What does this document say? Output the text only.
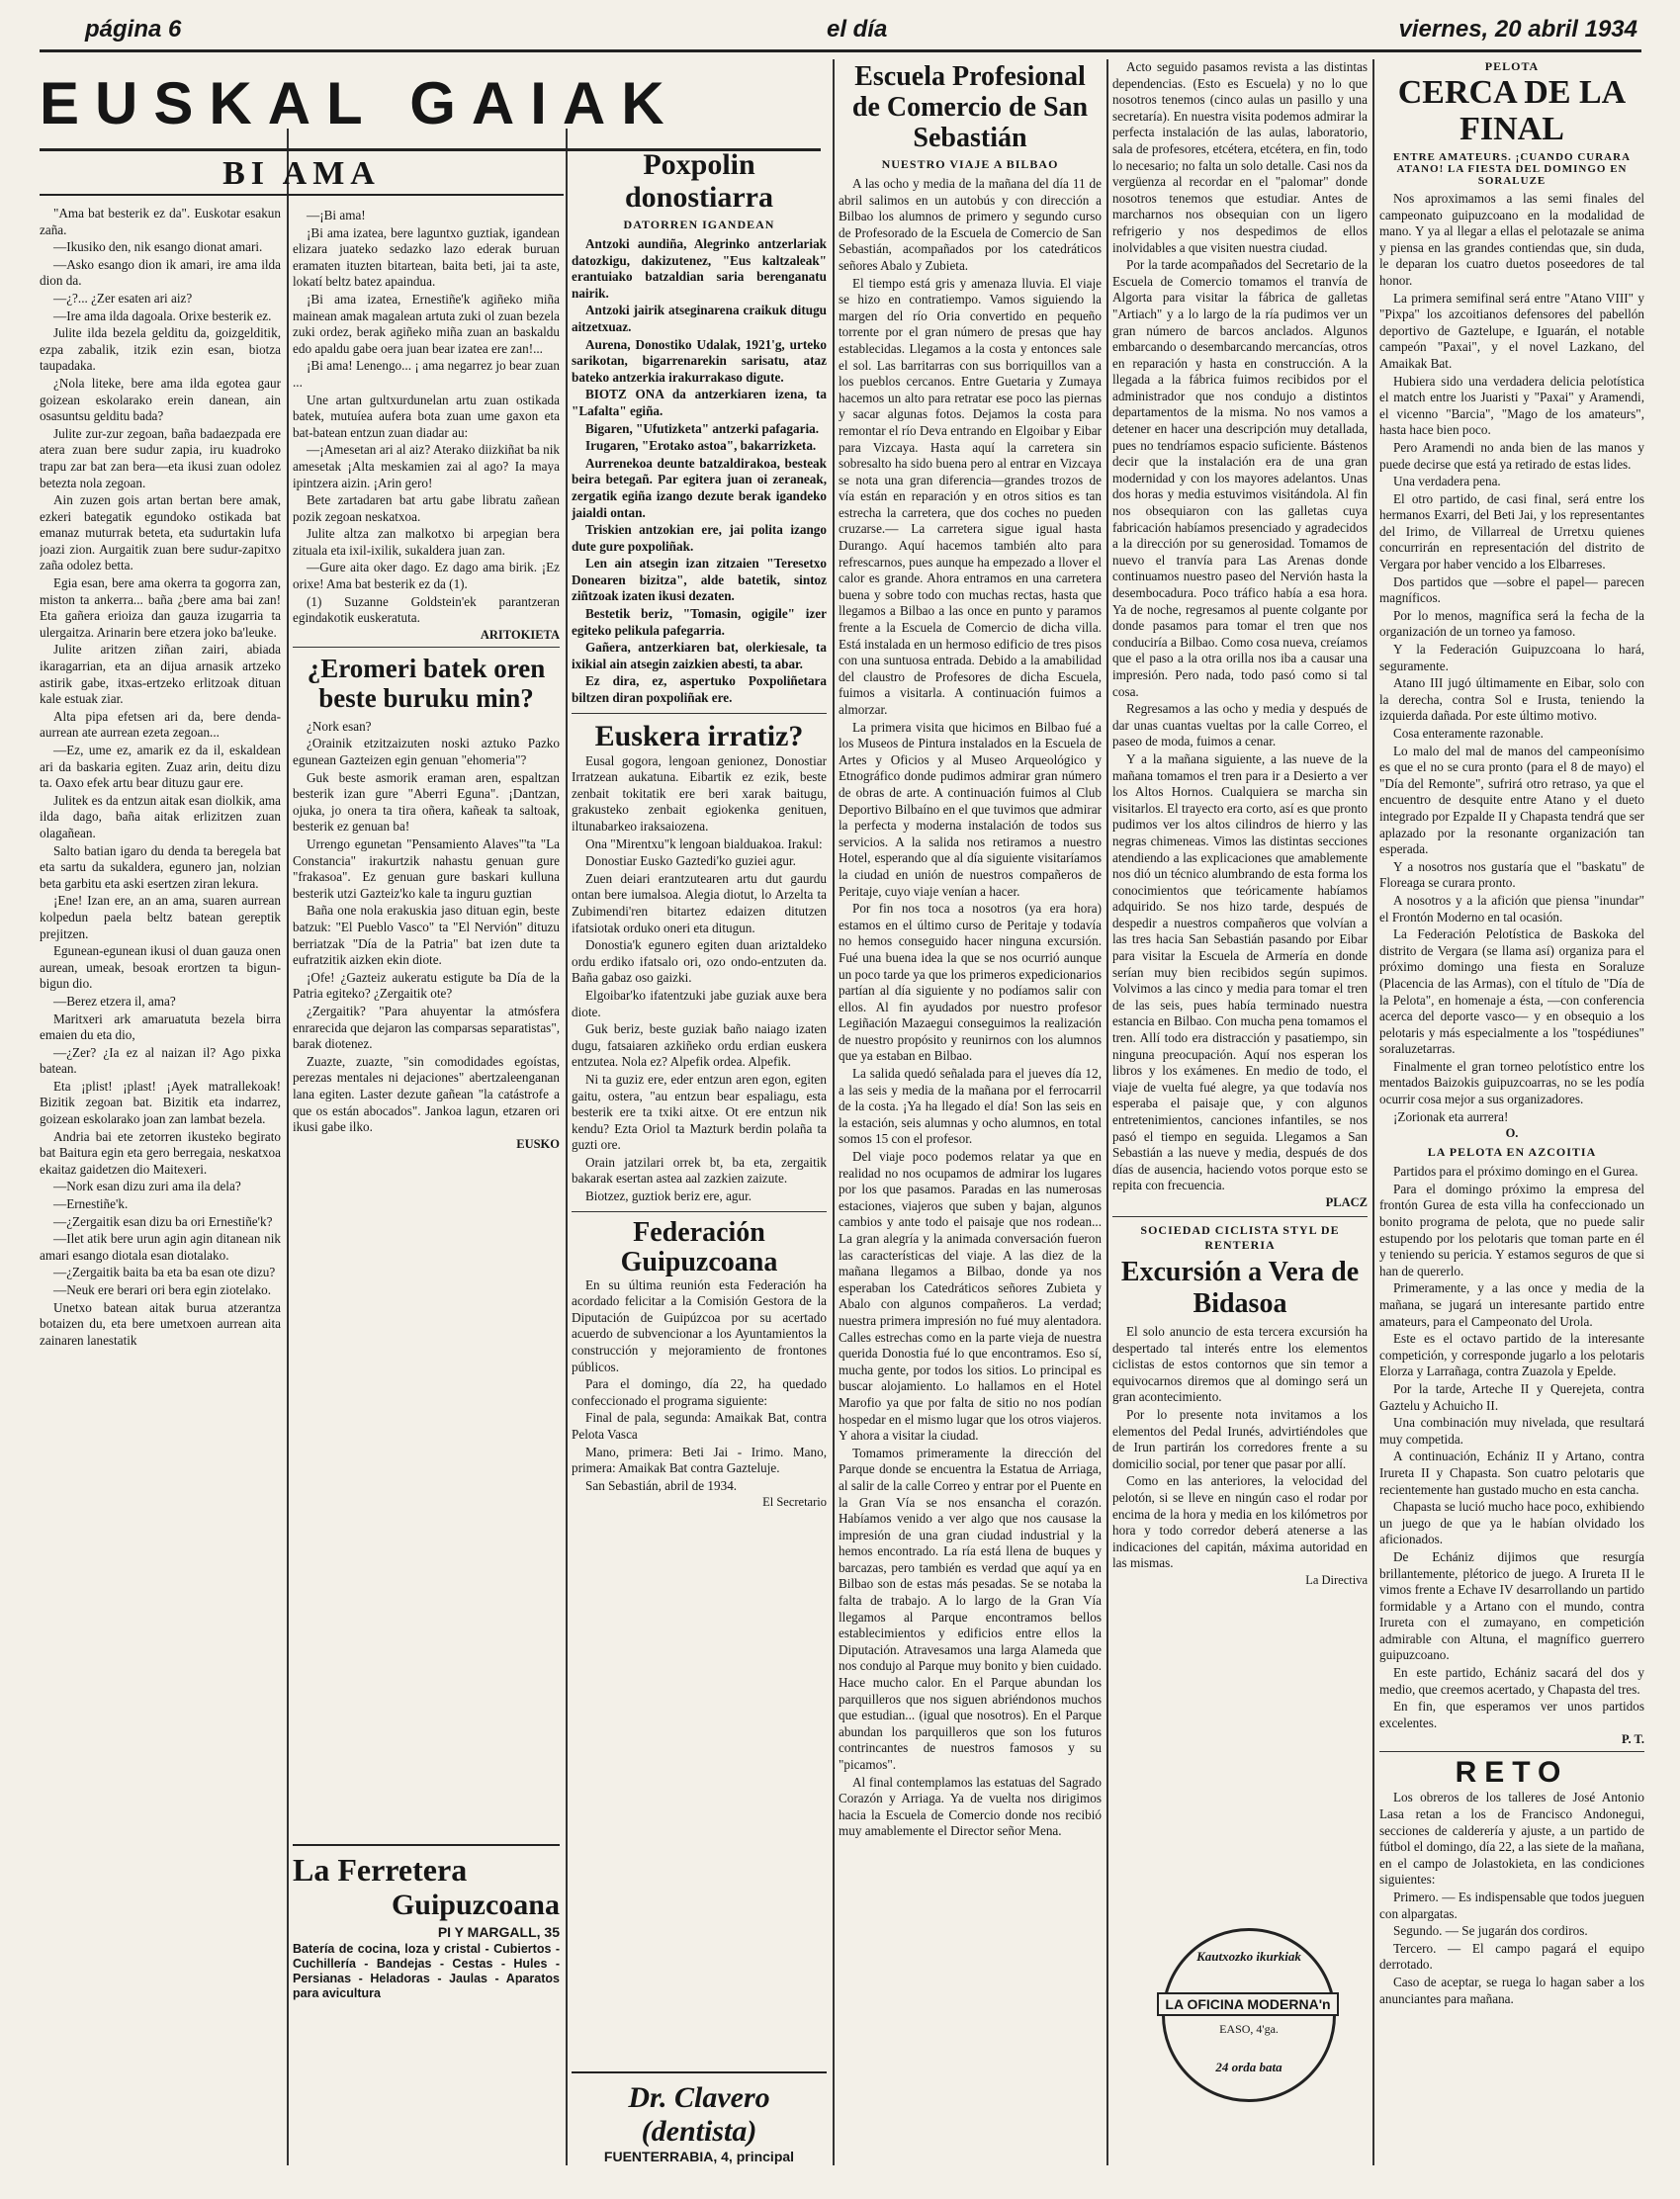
página 6	el día	viernes, 20 abril 1934
EUSKAL GAIAK
BI AMA

"Ama bat besterik ez da". Euskotar esakun zaña.

—Ikusiko den, nik esango dionat amari.

—Asko esango dion ik amari, ire ama ilda dion da.

—¿?... ¿Zer esaten ari aiz?

—Ire ama ilda dagoala. Orixe besterik ez.

Julite ilda bezela gelditu da, goizgelditik, ezpa zabalik, itzik ezin esan, biotza taupadaka.

¿Nola liteke, bere ama ilda egotea gaur goizean eskolarako erein danean, ain osasuntsu gelditu bada?

Julite zur-zur zegoan, baña badaezpada ere atera zuan bere sudur zapia, iru kuadroko trapu zar bat zan bera—eta ikusi zuan odolez betezta nola zegoan.

Ain zuzen gois artan bertan bere amak, ezkeri bategatik egundoko ostikada bat emanaz muturrak beteta, eta sudurtakin lufa joazi zion. Aurgaitik zuan bere sudur-zapitxo zaña odolez betta.

Egia esan, bere ama okerra ta gogorra zan, miston ta ankerra... baña ¿bere ama bai zan! Eta gañera erioiza dan gauza izugarria ta ulergaitza. Arinarin bere etzera joko ba'leuke.

Julite aritzen ziñan zairi, abiada ikaragarrian, eta an dijua arnasik artzeko astirik gabe, itxas-ertzeko erlitzoak dituan kale estuak ziar.

Alta pipa efetsen ari da, bere denda-aurrean ate aurrean ezeta zegoan...

—Ez, ume ez, amarik ez da il, eskaldean ari da baskaria egiten. Zuaz arin, deitu dizu ta. Oaxo efek artu bear dituzu gaur ere.

Julitek es da entzun aitak esan diolkik, ama ilda dago, baña aitak erlizitzen zuan olagañean.

Salto batian igaro du denda ta beregela bat eta sartu da sukaldera, egunero jan, nolzian beta garbitu eta aski esertzen ziran lekura.

¡Ene! Izan ere, an an ama, suaren aurrean kolpedun paela beltz batean gereptik prejitzen.

Egunean-egunean ikusi ol duan gauza onen aurean, umeak, besoak erortzen ta bigun-bigun dio.

—Berez etzera il, ama?

Maritxeri ark amaruatuta bezela birra emaien du eta dio,

—¿Zer? ¿Ia ez al naizan il? Ago pixka batean.

Eta ¡plist! ¡plast! ¡Ayek matrallekoak! Bizitik zegoan bat. Bizitik eta indarrez, goizean eskolarako joan zan lambat bezela.

Andria bai ete zetorren ikusteko begirato bat Baitura egin eta gero berregaia, neskatxoa ekaitaz gaidetzen dio Maitexeri.

—Nork esan dizu zuri ama ila dela?

—Ernestiñe'k.

—¿Zergaitik esan dizu ba ori Ernestiñe'k?

—Ilet atik bere urun agin agin ditanean nik amari esango diotala esan diotalako.

—¿Zergaitik baita ba eta ba esan ote dizu?

—Neuk ere berari ori bera egin ziotelako.

Unetxo batean aitak burua atzerantza botaizen du, eta bere umetxoen aurrean aita zainaren lanestatik

—¡Bi ama!

¡Bi ama izatea, bere laguntxo guztiak, igandean elizara juateko sedazko lazo ederak buruan eramaten ituzten bitartean, baita beti, jai ta aste, lokatí beltz batez apaindua.

¡Bi ama izatea, Ernestiñe'k agiñeko miña mainean amak magalean artuta zuki ol zuan bezela zuki ordez, berak agiñeko miña zuan an baskaldu edo apaldu gabe oera juan bear izatea ere zan!...

¡Bi ama! Lenengo... ¡ ama negarrez jo bear zuan ...

Une artan gultxurdunelan artu zuan ostikada batek, mutuíea aufera bota zuan ume gaxon eta bat-batean entzun zuan diadar au:

—¡Amesetan ari al aiz? Aterako diizkiñat ba nik amesetak ¡Alta meskamien zai al ago? Ia maya ipintzera aizin. ¡Arin gero!

Bete zartadaren bat artu gabe libratu zañean pozik zegoan neskatxoa.

Julite altza zan malkotxo bi arpegian bera zituala eta ixil-ixilik, sukaldera juan zan.

—Gure aita oker dago. Ez dago ama birik. ¡Ez orixe! Ama bat besterik ez da (1).

(1) Suzanne Goldstein'ek parantzeran egindakotik euskeratuta.

ARITOKIETA
¿Eromeri batek oren beste buruku min?

¿Nork esan?

¿Orainik etzitzaizuten noski aztuko Pazko egunean Gazteizen egin genuan "ehomeria"?

Guk beste asmorik eraman aren, espaltzan besterik izan gure "Aberri Eguna". ¡Dantzan, ojuka, jo onera ta tira oñera, kañeak ta saltoak, besterik ez genuan ba!

Urrengo egunetan "Pensamiento Alaves"'ta "La Constancia" irakurtzik nahastu genuan gure "frakasoa". Ez genuan gure baskari kulluna besterik utzi Gazteiz'ko kale ta inguru guztian

Baña one nola erakuskia jaso dituan egin, beste batzuk: "El Pueblo Vasco" ta "El Nervión" dituzu berriatzak "Día de la Patria" bat izen dute ta eufratzitik aizken ekin diote.

¡Ofe! ¿Gazteiz aukeratu estigute ba Día de la Patria egiteko? ¿Zergaitik ote?

¿Zergaitik? "Para ahuyentar la atmósfera enrarecida que dejaron las comparsas separatistas", barak diotenez.

Zuazte, zuazte, "sin comodidades egoístas, perezas mentales ni dejaciones" abertzaleenganan lana egiten. Laster dezute gañean "la catástrofe a que os están abocados". Jankoa lagun, etzaren ori ikusi gabe ilko.

EUSKO
La Ferretera
Guipuzcoana
PI Y MARGALL, 35
Batería de cocina, loza y cristal - Cubiertos - Cuchillería - Bandejas - Cestas - Hules - Persianas - Heladoras - Jaulas - Aparatos para avicultura
Poxpolin donostiarra
DATORREN IGANDEAN

Antzoki aundiña, Alegrinko antzerlariak datozkigu, dakizutenez, "Eus kaltzaleak" erantuiako batzaldian saria berenganatu nairik.

Antzoki jairik atseginarena craikuk ditugu aitzetxuaz.

Aurena, Donostiko Udalak, 1921'g, urteko sarikotan, bigarrenarekin sarisatu, ataz bateko antzerkia irakurrakaso digute.

BIOTZ ONA da antzerkiaren izena, ta "Lafalta" egiña.

Bigaren, "Ufutizketa" antzerki pafagaria.

Irugaren, "Erotako astoa", bakarrizketa.

Aurrenekoa deunte batzaldirakoa, besteak beira betegañ. Par egitera juan oi zeraneak, zergatik egiña izango dezute berak igandeko jaialdi ontan.

Triskien antzokian ere, jai polita izango dute gure poxpoliñak.

Len ain atsegin izan zitzaien "Teresetxo Donearen bizitza", alde batetik, sintoz ziñtzoak izaten ikusi dezaten.

Bestetik beriz, "Tomasin, ogigile" izer egiteko pelikula pafegarria.

Gañera, antzerkiaren bat, olerkiesale, ta ixikial ain atsegin zaizkien abesti, ta abar.

Ez dira, ez, aspertuko Poxpoliñetara biltzen diran poxpoliñak ere.

Euskera irratiz?

Eusal gogora, lengoan genionez, Donostiar Irratzean aukatuna. Eibartik ez ezik, beste zenbait tokitatik ere beri xarak baitugu, grakusteko zenbait egiokenka genituen, iltunabarkeo iraksaiozena.

Ona "Mirentxu"k lengoan bialduakoa. Irakul:

Donostiar Eusko Gaztedi'ko guziei agur.

Zuen deiari erantzutearen artu dut gaurdu ontan bere iumalsoa. Alegia diotut, lo Arzelta ta Zubimendi'ren bitartez edaizen ditutzen ifatsiotak orduko oneri eta ditugun.

Donostia'k egunero egiten duan ariztaldeko ordu erdiko ifatsalo ori, ozo ondo-entzuten da. Baña gabaz oso gaizki.

Elgoibar'ko ifatentzuki jabe guziak auxe bera diote.

Guk beriz, beste guziak baño naiago izaten dugu, fatsaiaren azkiñeko ordu erdian euskera entzutea. Nola ez? Alpefik ordea. Alpefik.

Ni ta guziz ere, eder entzun aren egon, egiten gaitu, ostera, "au entzun bear espaliagu, esta besterik ere ta txiki aitxe. Ot ere entzun nik kendu? Ezta Oriol ta Mazturk berdin polaña ta guzti ore.

Orain jatzilari orrek bt, ba eta, zergaitik bakarak esertan astea aal zazkien zaizute.

Biotzez, guztiok beriz ere, agur.

Federación Guipuzcoana

En su última reunión esta Federación ha acordado felicitar a la Comisión Gestora de la Diputación de Guipúzcoa por su acertado acuerdo de subvencionar a los Ayuntamientos la construcción y mejoramiento de frontones públicos.

Para el domingo, día 22, ha quedado confeccionado el programa siguiente:

Final de pala, segunda: Amaikak Bat, contra Pelota Vasca

Mano, primera: Beti Jai - Irimo. Mano, primera: Amaikak Bat contra Gazteluje.

San Sebastián, abril de 1934.

El Secretario
Dr. Clavero (dentista)
FUENTERRABIA, 4, principal
Escuela Profesional de Comercio de San Sebastián
NUESTRO VIAJE A BILBAO

A las ocho y media de la mañana del día 11 de abril salimos en un autobús y con dirección a Bilbao los alumnos de primero y segundo curso de Profesorado de la Escuela de Comercio de San Sebastián, acompañados por los catedráticos señores Abalo y Zubieta.

El tiempo está gris y amenaza lluvia. El viaje se hizo en contratiempo. Vamos siguiendo la margen del río Oria convertido en pequeño torrente por el gran número de presas que hay establecidas. Llegamos a la costa y entonces sale el sol. Las barritarras con sus borriquillos van a los pueblos cercanos. Entre Guetaria y Zumaya hacemos un alto para retratar ese poco las piernas y sacar algunas fotos. Dejamos la costa para remontar el río Deva entrando en Elgoibar y Eibar para Vizcaya. Hasta aquí la carretera sin sobresalto ha sido buena pero al entrar en Vizcaya se nota una gran diferencia—grandes trozos de vía están en reparación y en otros sitios es tan estrecha la carretera, que dos coches no pueden cruzarse.— La carretera sigue igual hasta Durango. Aquí hacemos también alto para refrescarnos, pues aunque ha empezado a llover el calor es grande. Ahora entramos en una carretera buena y sobre todo con muchas rectas, hasta que llegamos a Bilbao a las once en punto y paramos frente a la Escuela de Comercio de dicha villa. Está instalada en un hermoso edificio de tres pisos con una suntuosa entrada. Debido a la amabilidad del claustro de Profesores de dicha Escuela, fuimos a visitarla. A continuación fuimos a almorzar.

La primera visita que hicimos en Bilbao fué a los Museos de Pintura instalados en la Escuela de Artes y Oficios y al Museo Arqueológico y Etnográfico donde pudimos admirar gran número de obras de arte. A continuación fuimos al Club Deportivo Bilbaíno en el que tuvimos que admirar la perfecta y moderna instalación de todos sus servicios. A la salida nos retiramos a nuestro Hotel, esperando que al día siguiente visitaríamos la ciudad en unión de nuestros compañeros de Peritaje, cuyo viaje venían a hacer.

Por fin nos toca a nosotros (ya era hora) estamos en el último curso de Peritaje y todavía no hemos conseguido hacer ninguna excursión. Fué una buena idea la que se nos ocurrió aunque un poco tarde ya que los primeros expedicionarios partían al día siguiente y no podíamos salir con ellos. Al fin ayudados por nuestro profesor Legiñación Mazaegui conseguimos la realización de nuestro propósito y reunirnos con los alumnos que ya estaban en Bilbao.

La salida quedó señalada para el jueves día 12, a las seis y media de la mañana por el ferrocarril de la costa. ¡Ya ha llegado el día! Son las seis en la estación, seis alumnas y ocho alumnos, en total somos 15 con el profesor.

Del viaje poco podemos relatar ya que en realidad no nos ocupamos de admirar los lugares por los que pasamos. Paradas en las numerosas estaciones, viajeros que suben y bajan, algunos cambios y ante todo el paisaje que nos rodean... La gran alegría y la animada conversación fueron las características del viaje. A las diez de la mañana llegamos a Bilbao, donde ya nos esperaban los Catedráticos señores Zubieta y Abalo con algunos compañeros. La verdad; nuestra primera impresión no fué muy alentadora. Calles estrechas como en la parte vieja de nuestra querida Donostia fué lo que encontramos. Eso sí, mucha gente, por todos los sitios. Lo principal es buscar alojamiento. Lo hallamos en el Hotel Marofio ya que por falta de sitio no nos podían hospedar en el mismo lugar que los otros viajeros. Y ahora a visitar la ciudad.

Tomamos primeramente la dirección del Parque donde se encuentra la Estatua de Arriaga, al salir de la calle Correo y entrar por el Puente en la Gran Vía se nos ensancha el corazón. Habíamos venido a ver algo que nos causase la impresión de una gran ciudad industrial y la hemos encontrado. La ría está llena de buques y barcazas, pero también es verdad que aquí ya en Bilbao son de estas más pesadas. Se se notaba la falta de trabajo. A lo largo de la Gran Vía llegamos al Parque encontramos bellos establecimientos y edificios entre ellos la Diputación. Atravesamos una larga Alameda que nos condujo al Parque muy bonito y bien cuidado. Hace mucho calor. En el Parque abundan los parquilleros que nos siguen abriéndonos muchos que estudian... (igual que nosotros). En el Parque abundan los parquilleros que son los futuros contrincantes de nuestros famosos y su "picamos".

Al final contemplamos las estatuas del Sagrado Corazón y Arriaga. Ya de vuelta nos dirigimos hacia la Escuela de Comercio donde nos recibió muy amablemente el Director señor Mena.

Acto seguido pasamos revista a las distintas dependencias. (Esto es Escuela) y no lo que nosotros tenemos (cinco aulas un pasillo y una secretaría). En nuestra visita podemos admirar la perfecta instalación de las aulas, laboratorio, sala de profesores, etcétera, etcétera, en fin, todo lo necesario; no falta un solo detalle. Casi nos da vergüenza al recordar en el "palomar" donde nosotros tenemos que estudiar. Antes de marcharnos nos obsequian con un ligero refrigerio y nos despedimos de ellos inolvidables a que visiten nuestra ciudad.

Por la tarde acompañados del Secretario de la Escuela de Comercio tomamos el tranvía de Algorta para visitar la fábrica de galletas "Artiach" y a lo largo de la ría pudimos ver un gran número de barcos anclados. Algunos embarcando o desembarcando mercancías, otros en reparación y hasta en construcción. A la llegada a la fábrica fuimos recibidos por el administrador que nos condujo a distintos departamentos de la misma. No nos vamos a detener en hacer una descripción muy detallada, pues no tendríamos espacio suficiente. Bástenos decir que la instalación era de una gran modernidad y con los mayores adelantos. Unas dos horas y media estuvimos visitándola. Al fin nos obsequiaron con las galletas cuya fabricación habíamos presenciado y agradecidos a la dirección por su generosidad. Tomamos de nuevo el tranvía para Las Arenas donde continuamos nuestro paseo del Nervión hasta la desembocadura. Poco tráfico había a esa hora. Ya de noche, regresamos al puente colgante por donde pasamos para tomar el tren que nos conduciría a Bilbao. Como cosa nueva, creíamos que el paso a la otra orilla nos iba a causar una impresión. Pero nada, todo pasó como si tal cosa.

Regresamos a las ocho y media y después de dar unas cuantas vueltas por la calle Correo, el paseo de moda, fuimos a cenar.

Y a la mañana siguiente, a las nueve de la mañana tomamos el tren para ir a Desierto a ver los Altos Hornos. Cualquiera se marcha sin visitarlos. El trayecto era corto, así es que pronto pudimos ver los altos cilindros de hierro y las negras chimeneas. Vimos las distintas secciones atendiendo a las explicaciones que amablemente nos dió un técnico alumbrando de esta forma los conocimientos que teóricamente habíamos adquirido. Se nos hizo tarde, después de despedir a nuestros compañeros que volvían a las tres hacia San Sebastián pasando por Eibar para visitar la Escuela de Armería en donde serían muy bien recibidos según supimos. Volvimos a las cinco y media para tomar el tren de las seis, pues había terminado nuestra estancia en Bilbao. Con mucha pena tomamos el tren. Allí todo era distracción y pasatiempo, sin ninguna preocupación. Aquí nos esperan los libros y los exámenes. En medio de todo, el viaje de vuelta fué alegre, ya que todavía nos esperaba el paisaje que, y con algunos entretenimientos, canciones infantiles, se nos pasó el tiempo en seguida. Llegamos a San Sebastián a las nueve y media, después de dos días de ausencia, haciendo votos porque esto se repita con frecuencia.

PLACZ
SOCIEDAD CICLISTA STYL DE RENTERIA
Excursión a Vera de Bidasoa

El solo anuncio de esta tercera excursión ha despertado tal interés entre los elementos ciclistas de estos contornos que sin temor a equivocarnos diremos que al domingo será un gran acontecimiento.

Por lo presente nota invitamos a los elementos del Pedal Irunés, advirtiéndoles que de Irun partirán los corredores frente a su domicilio social, por tener que pasar por allí.

Como en las anteriores, la velocidad del pelotón, si se lleve en ningún caso el rodar por encima de la hora y media en los kilómetros por hora y todo corredor deberá atenerse a las indicaciones del capitán, máxima autoridad en las mismas.

La Directiva
Kautxozko ikurkiak
LA OFICINA MODERNA'n
EASO, 4'ga.
24 orda bata
PELOTA
CERCA DE LA FINAL
ENTRE AMATEURS. ¡CUANDO CURARA ATANO! LA FIESTA DEL DOMINGO EN SORALUZE

Nos aproximamos a las semi finales del campeonato guipuzcoano en la modalidad de mano. Y ya al llegar a ellas el pelotazale se anima y piensa en las grandes contiendas que, sin duda, le deparan los cuatro duetos poseedores de tal honor.

La primera semifinal será entre "Atano VIII" y "Pixpa" los azcoitianos defensores del pabellón deportivo de Gaztelupe, e Iguarán, el notable campeón "Paxai", y el novel Lazkano, del Amaikak Bat.

Hubiera sido una verdadera delicia pelotística el match entre los Juaristi y "Paxai" y Aramendi, el vicenno "Barcia", "Mago de los amateurs", hasta hace bien poco.

Pero Aramendi no anda bien de las manos y puede decirse que está ya retirado de estas lides.

Una verdadera pena.

El otro partido, de casi final, será entre los hermanos Exarri, del Beti Jai, y los representantes del Irimo, de Villarreal de Urretxu quienes concurrirán en representación del distrito de Vergara por haber vencido a los Elbarreses.

Dos partidos que —sobre el papel— parecen magníficos.

Por lo menos, magnífica será la fecha de la organización de un torneo ya famoso.

Y la Federación Guipuzcoana lo hará, seguramente.

Atano III jugó últimamente en Eibar, solo con la derecha, contra Sol e Irusta, teniendo la izquierda dañada. Por este último motivo.

Cosa enteramente razonable.

Lo malo del mal de manos del campeonísimo es que el no se cura pronto (para el 8 de mayo) el "Día del Remonte", sufrirá otro retraso, ya que el encuentro de desquite entre Atano y el dueto integrado por Ezpalde II y Chapasta tendrá que ser aplazado por la resonante organización tan esperada.

Y a nosotros nos gustaría que el "baskatu" de Floreaga se curara pronto.

A nosotros y a la afición que piensa "inundar" el Frontón Moderno en tal ocasión.

La Federación Pelotística de Baskoka del distrito de Vergara (se llama así) organiza para el próximo domingo una fiesta en Soraluze (Placencia de las Armas), con el título de "Día de la Pelota", en homenaje a ésta, —con conferencia acerca del deporte vasco— y en obsequio a los pelotaris y más especialmente a los "tospédiunes" soraluzetarras.

Finalmente el gran torneo pelotístico entre los mentados Baizokis guipuzcoarras, no se les podía ocurrir cosa mejor a sus organizadores.

¡Zorionak eta aurrera!

O.
LA PELOTA EN AZCOITIA

Partidos para el próximo domingo en el Gurea.

Para el domingo próximo la empresa del frontón Gurea de esta villa ha confeccionado un bonito programa de pelota, que no puede salir estupendo por los pelotaris que toman parte en él y teniendo su pericia. Y estamos seguros de que si han de quererlo.

Primeramente, y a las once y media de la mañana, se jugará un interesante partido entre amateurs, para el Campeonato del Urola.

Este es el octavo partido de la interesante competición, y corresponde jugarlo a los pelotaris Elorza y Larrañaga, contra Zuazola y Epelde.

Por la tarde, Arteche II y Querejeta, contra Gaztelu y Achuicho II.

Una combinación muy nivelada, que resultará muy competida.

A continuación, Echániz II y Artano, contra Irureta II y Chapasta. Son cuatro pelotaris que recientemente han gustado mucho en esta cancha.

Chapasta se lució mucho hace poco, exhibiendo un juego de que ya le habían olvidado los aficionados.

De Echániz dijimos que resurgía brillantemente, plétorico de juego. A Irureta II le vimos frente a Echave IV desarrollando un partido formidable y a Artano con el mundo, contra Irureta con el zumayano, en competición admirable con Altuna, el magnífico guerrero guipuzcoano.

En este partido, Echániz sacará del dos y medio, que creemos acertado, y Chapasta del tres.

En fin, que esperamos ver unos partidos excelentes.

P. T.
RETO

Los obreros de los talleres de José Antonio Lasa retan a los de Francisco Andonegui, secciones de calderería y ajuste, a un partido de fútbol el domingo, día 22, a las siete de la mañana, en el campo de Jolastokieta, en las condiciones siguientes:

Primero. — Es indispensable que todos jueguen con alpargatas.

Segundo. — Se jugarán dos cordiros.

Tercero. — El campo pagará el equipo derrotado.

Caso de aceptar, se ruega lo hagan saber a los anunciantes para mañana.
